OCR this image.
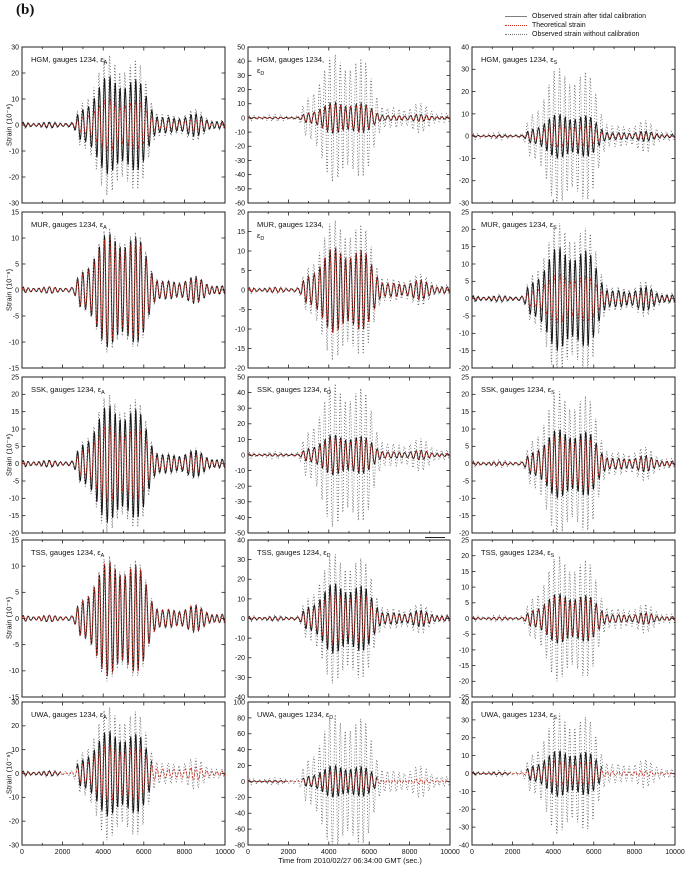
(b)	Observed strain after tidal calibration
Theoretical strain
Observed strain without calibration
Strain (10⁻⁹)
Strain (10⁻⁹)
Strain (10⁻⁹)
Strain (10⁻⁹)
Strain (10⁻⁹)
-30
-20
-10
0
10
20
30
HGM, gauges 1234, $\varepsilon_A$
-60
-50
-40
-30
-20
-10
0
10
20
30
40
50
HGM, gauges 1234,
$\varepsilon_D$
-30
-20
-10
0
10
20
30
40
HGM, gauges 1234, $\varepsilon_S$
-15
-10
-5
0
5
10
15
MUR, gauges 1234, $\varepsilon_A$
-20
-15
-10
-5
0
5
10
15
20
MUR, gauges 1234,
$\varepsilon_D$
-20
-15
-10
-5
0
5
10
15
20
25
MUR, gauges 1234, $\varepsilon_S$
-20
-15
-10
-5
0
5
10
15
20
25
SSK, gauges 1234, $\varepsilon_A$
-50
-40
-30
-20
-10
0
10
20
30
40
50
SSK, gauges 1234, $\varepsilon_D$
-20
-15
-10
-5
0
5
10
15
20
25
SSK, gauges 1234, $\varepsilon_S$
-15
-10
-5
0
5
10
15
TSS, gauges 1234, $\varepsilon_A$
-40
-30
-20
-10
0
10
20
30
40
TSS, gauges 1234, $\varepsilon_D$
-25
-20
-15
-10
-5
0
5
10
15
20
25
TSS, gauges 1234, $\varepsilon_S$
0	2000	4000	6000	8000	10000
-30
-20
-10
0
10
20
30
UWA, gauges 1234, $\varepsilon_A$
0	2000	4000	6000	8000	10000
-80
-60
-40
-20
0
20
40
60
80
100
UWA, gauges 1234, $\varepsilon_D$
0	2000	4000	6000	8000	10000
-40
-30
-20
-10
0
10
20
30
40
UWA, gauges 1234, $\varepsilon_S$
Time from 2010/02/27 06:34:00 GMT (sec.)
